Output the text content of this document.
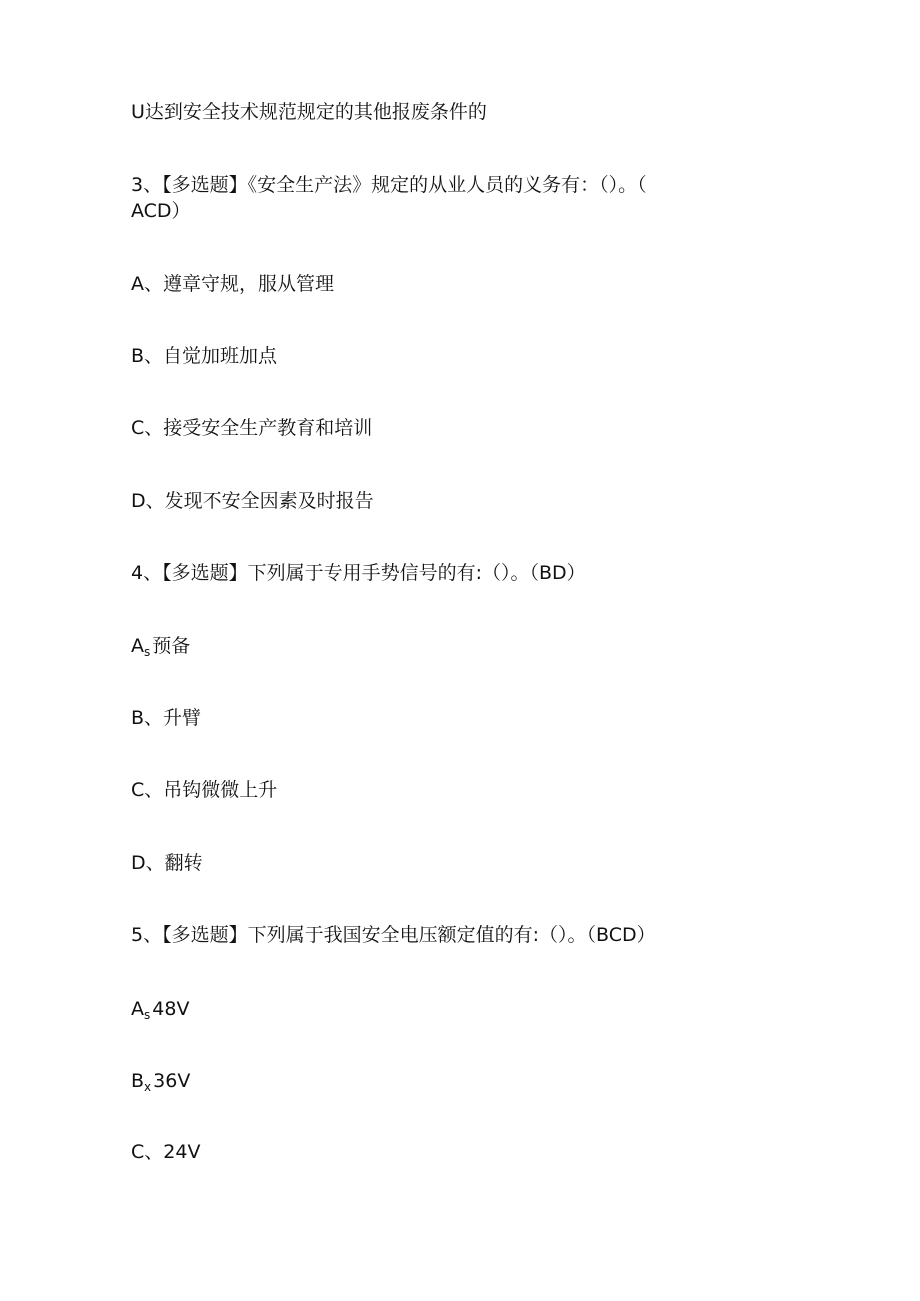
U达到安全技术规范规定的其他报废条件的

3、【多选题】《安全生产法》规定的从业人员的义务有：（）。（

ACD）

A、遵章守规，服从管理

B、自觉加班加点

C、接受安全生产教育和培训

D、发现不安全因素及时报告

4、【多选题】下列属于专用手势信号的有:（）。（BD）

$A_s$ 预备

B、升臂

C、吊钩微微上升

D、翻转

5、【多选题】下列属于我国安全电压额定值的有:（）。（BCD）

$A_s$ 48V

$B_x$ 36V

C、24V
